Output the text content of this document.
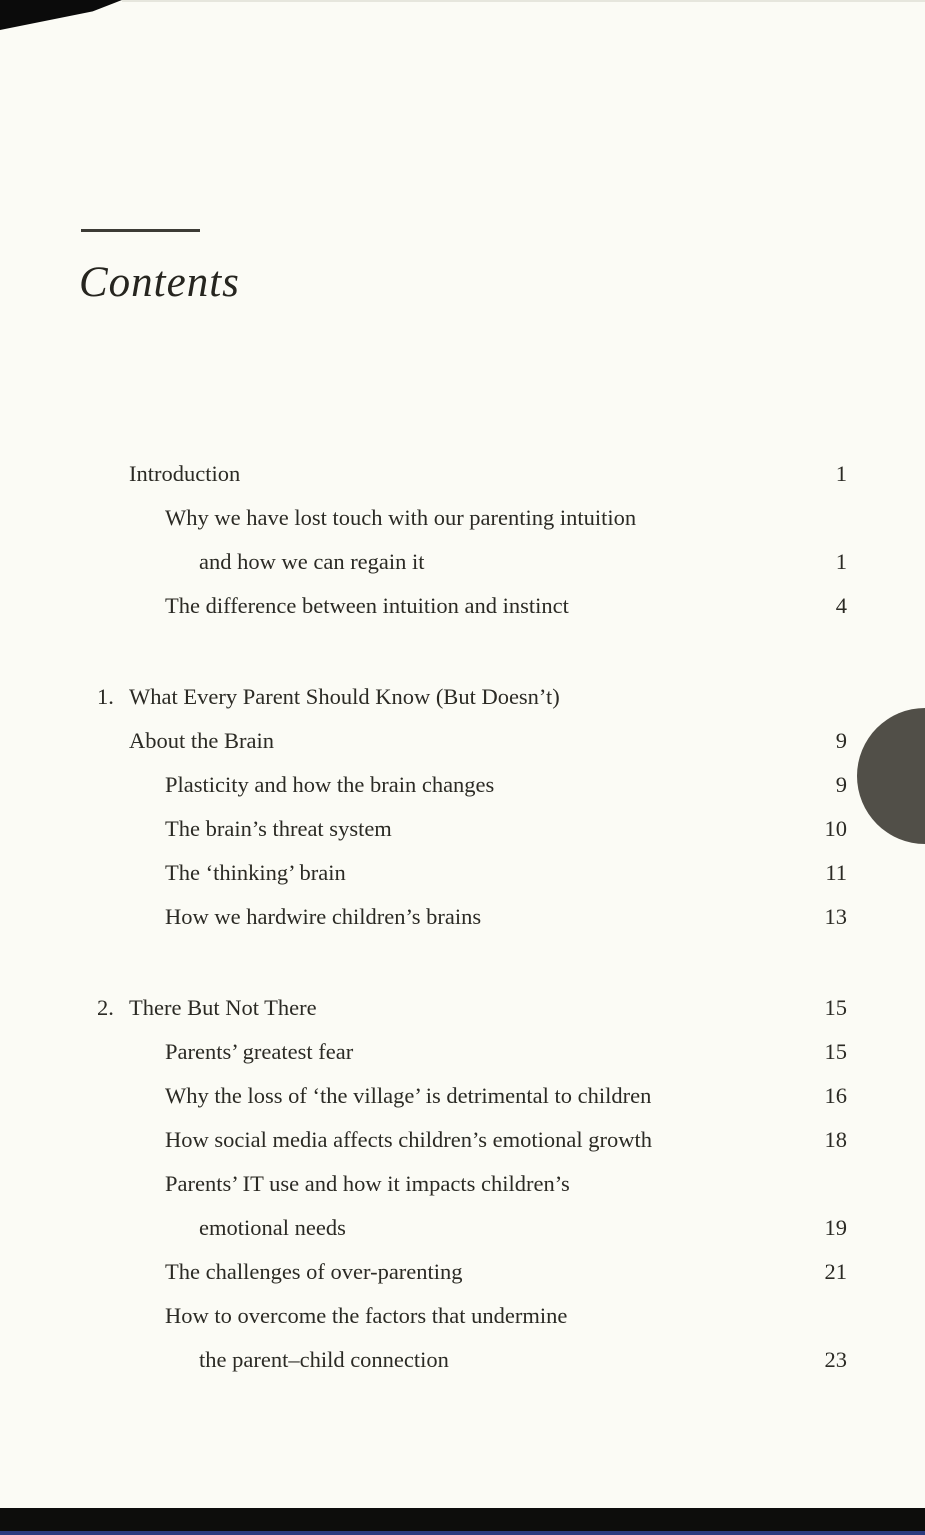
Contents
Introduction	1
Why we have lost touch with our parenting intuition
and how we can regain it	1
The difference between intuition and instinct	4
1. What Every Parent Should Know (But Doesn’t)
About the Brain	9
Plasticity and how the brain changes	9
The brain’s threat system	10
The ‘thinking’ brain	11
How we hardwire children’s brains	13
2. There But Not There	15
Parents’ greatest fear	15
Why the loss of ‘the village’ is detrimental to children	16
How social media affects children’s emotional growth	18
Parents’ IT use and how it impacts children’s
emotional needs	19
The challenges of over-parenting	21
How to overcome the factors that undermine
the parent–child connection	23
